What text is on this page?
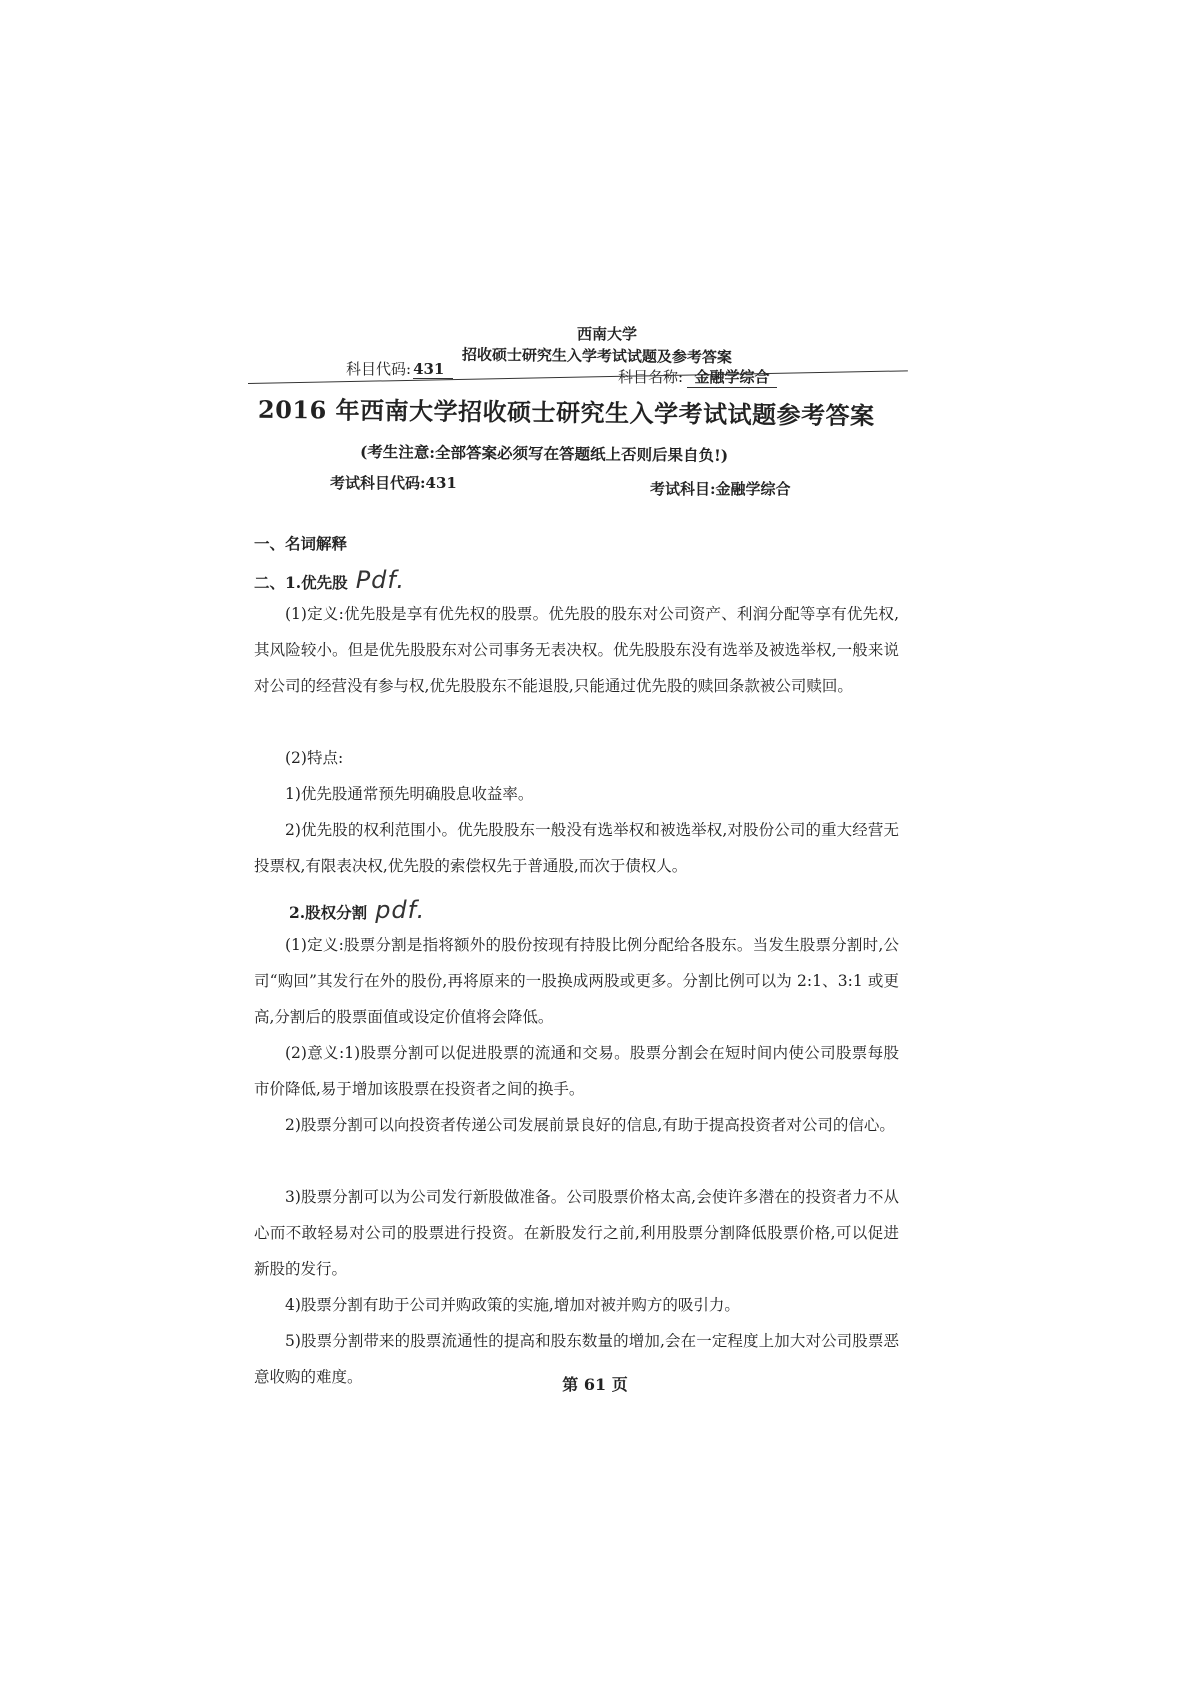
西南大学
招收硕士研究生入学考试试题及参考答案
科目代码: 431	科目名称: 金融学综合
2016 年西南大学招收硕士研究生入学考试试题参考答案
(考生注意:全部答案必须写在答题纸上否则后果自负!)
考试科目代码:431	考试科目:金融学综合
一、名词解释
二、1.优先股 Pdf.

(1)定义:优先股是享有优先权的股票。优先股的股东对公司资产、利润分配等享有优先权,其风险较小。但是优先股股东对公司事务无表决权。优先股股东没有选举及被选举权,一般来说对公司的经营没有参与权,优先股股东不能退股,只能通过优先股的赎回条款被公司赎回。

(2)特点:

1)优先股通常预先明确股息收益率。

2)优先股的权利范围小。优先股股东一般没有选举权和被选举权,对股份公司的重大经营无投票权,有限表决权,优先股的索偿权先于普通股,而次于债权人。

2.股权分割 pdf.

(1)定义:股票分割是指将额外的股份按现有持股比例分配给各股东。当发生股票分割时,公司“购回”其发行在外的股份,再将原来的一股换成两股或更多。分割比例可以为 2:1、3:1 或更高,分割后的股票面值或设定价值将会降低。

(2)意义:1)股票分割可以促进股票的流通和交易。股票分割会在短时间内使公司股票每股市价降低,易于增加该股票在投资者之间的换手。

2)股票分割可以向投资者传递公司发展前景良好的信息,有助于提高投资者对公司的信心。

3)股票分割可以为公司发行新股做准备。公司股票价格太高,会使许多潜在的投资者力不从心而不敢轻易对公司的股票进行投资。在新股发行之前,利用股票分割降低股票价格,可以促进新股的发行。

4)股票分割有助于公司并购政策的实施,增加对被并购方的吸引力。

5)股票分割带来的股票流通性的提高和股东数量的增加,会在一定程度上加大对公司股票恶意收购的难度。	第 61 页
